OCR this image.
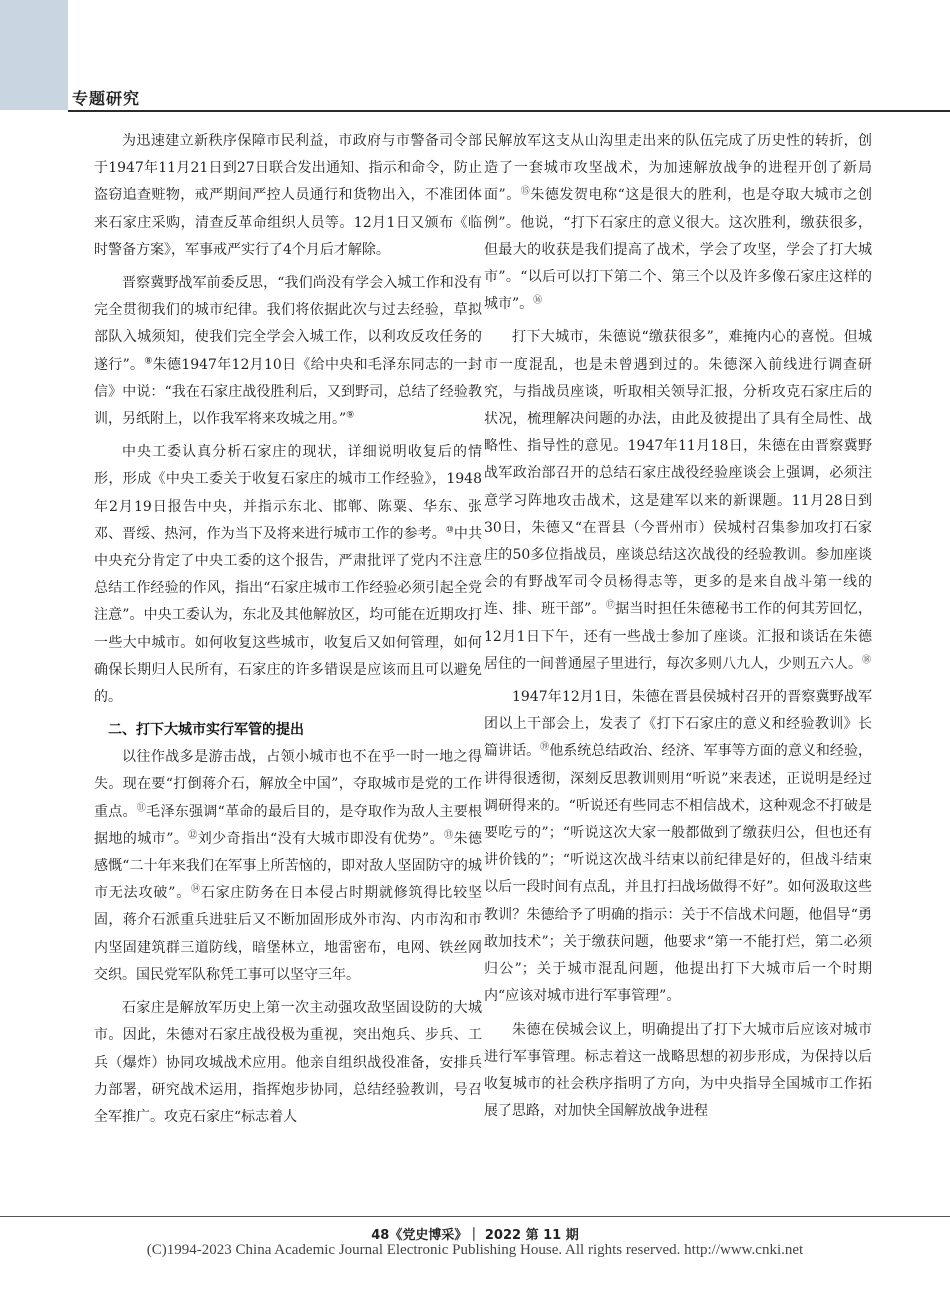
专题研究

为迅速建立新秩序保障市民利益，市政府与市警备司令部于1947年11月21日到27日联合发出通知、指示和命令，防止盗窃追查赃物，戒严期间严控人员通行和货物出入，不准团体来石家庄采购，清查反革命组织人员等。12月1日又颁布《临时警备方案》，军事戒严实行了4个月后才解除。

晋察冀野战军前委反思，“我们尚没有学会入城工作和没有完全贯彻我们的城市纪律。我们将依据此次与过去经验，草拟部队入城须知，使我们完全学会入城工作，以利攻反攻任务的遂行”。⑧朱德1947年12月10日《给中央和毛泽东同志的一封信》中说：“我在石家庄战役胜利后，又到野司，总结了经验教训，另纸附上，以作我军将来攻城之用。”⑨

中央工委认真分析石家庄的现状，详细说明收复后的情形，形成《中央工委关于收复石家庄的城市工作经验》，1948年2月19日报告中央，并指示东北、邯郸、陈粟、华东、张邓、晋绥、热河，作为当下及将来进行城市工作的参考。⑩中共中央充分肯定了中央工委的这个报告，严肃批评了党内不注意总结工作经验的作风，指出“石家庄城市工作经验必须引起全党注意”。中央工委认为，东北及其他解放区，均可能在近期攻打一些大中城市。如何收复这些城市，收复后又如何管理，如何确保长期归人民所有，石家庄的许多错误是应该而且可以避免的。

二、打下大城市实行军管的提出

以往作战多是游击战，占领小城市也不在乎一时一地之得失。现在要“打倒蒋介石，解放全中国”，夺取城市是党的工作重点。⑪毛泽东强调“革命的最后目的，是夺取作为敌人主要根据地的城市”。⑫刘少奇指出“没有大城市即没有优势”。⑬朱德感慨“二十年来我们在军事上所苦恼的，即对敌人坚固防守的城市无法攻破”。⑭石家庄防务在日本侵占时期就修筑得比较坚固，蒋介石派重兵进驻后又不断加固形成外市沟、内市沟和市内坚固建筑群三道防线，暗堡林立，地雷密布，电网、铁丝网交织。国民党军队称凭工事可以坚守三年。

石家庄是解放军历史上第一次主动强攻敌坚固设防的大城市。因此，朱德对石家庄战役极为重视，突出炮兵、步兵、工兵（爆炸）协同攻城战术应用。他亲自组织战役准备，安排兵力部署，研究战术运用，指挥炮步协同，总结经验教训，号召全军推广。攻克石家庄“标志着人

民解放军这支从山沟里走出来的队伍完成了历史性的转折，创造了一套城市攻坚战术，为加速解放战争的进程开创了新局面”。⑮朱德发贺电称“这是很大的胜利，也是夺取大城市之创例”。他说，“打下石家庄的意义很大。这次胜利，缴获很多，但最大的收获是我们提高了战术，学会了攻坚，学会了打大城市”。“以后可以打下第二个、第三个以及许多像石家庄这样的城市”。⑯

打下大城市，朱德说“缴获很多”，难掩内心的喜悦。但城市一度混乱，也是未曾遇到过的。朱德深入前线进行调查研究，与指战员座谈，听取相关领导汇报，分析攻克石家庄后的状况，梳理解决问题的办法，由此及彼提出了具有全局性、战略性、指导性的意见。1947年11月18日，朱德在由晋察冀野战军政治部召开的总结石家庄战役经验座谈会上强调，必须注意学习阵地攻击战术，这是建军以来的新课题。11月28日到30日，朱德又“在晋县（今晋州市）侯城村召集参加攻打石家庄的50多位指战员，座谈总结这次战役的经验教训。参加座谈会的有野战军司令员杨得志等，更多的是来自战斗第一线的连、排、班干部”。⑰据当时担任朱德秘书工作的何其芳回忆，12月1日下午，还有一些战士参加了座谈。汇报和谈话在朱德居住的一间普通屋子里进行，每次多则八九人，少则五六人。⑱

1947年12月1日，朱德在晋县侯城村召开的晋察冀野战军团以上干部会上，发表了《打下石家庄的意义和经验教训》长篇讲话。⑲他系统总结政治、经济、军事等方面的意义和经验，讲得很透彻，深刻反思教训则用“听说”来表述，正说明是经过调研得来的。“听说还有些同志不相信战术，这种观念不打破是要吃亏的”；“听说这次大家一般都做到了缴获归公，但也还有讲价钱的”；“听说这次战斗结束以前纪律是好的，但战斗结束以后一段时间有点乱，并且打扫战场做得不好”。如何汲取这些教训？朱德给予了明确的指示：关于不信战术问题，他倡导“勇敢加技术”；关于缴获问题，他要求“第一不能打烂，第二必须归公”；关于城市混乱问题，他提出打下大城市后一个时期内“应该对城市进行军事管理”。

朱德在侯城会议上，明确提出了打下大城市后应该对城市进行军事管理。标志着这一战略思想的初步形成，为保持以后收复城市的社会秩序指明了方向，为中央指导全国城市工作拓展了思路，对加快全国解放战争进程

48《党史博采》｜ 2022 第 11 期
(C)1994-2023 China Academic Journal Electronic Publishing House. All rights reserved. http://www.cnki.net
